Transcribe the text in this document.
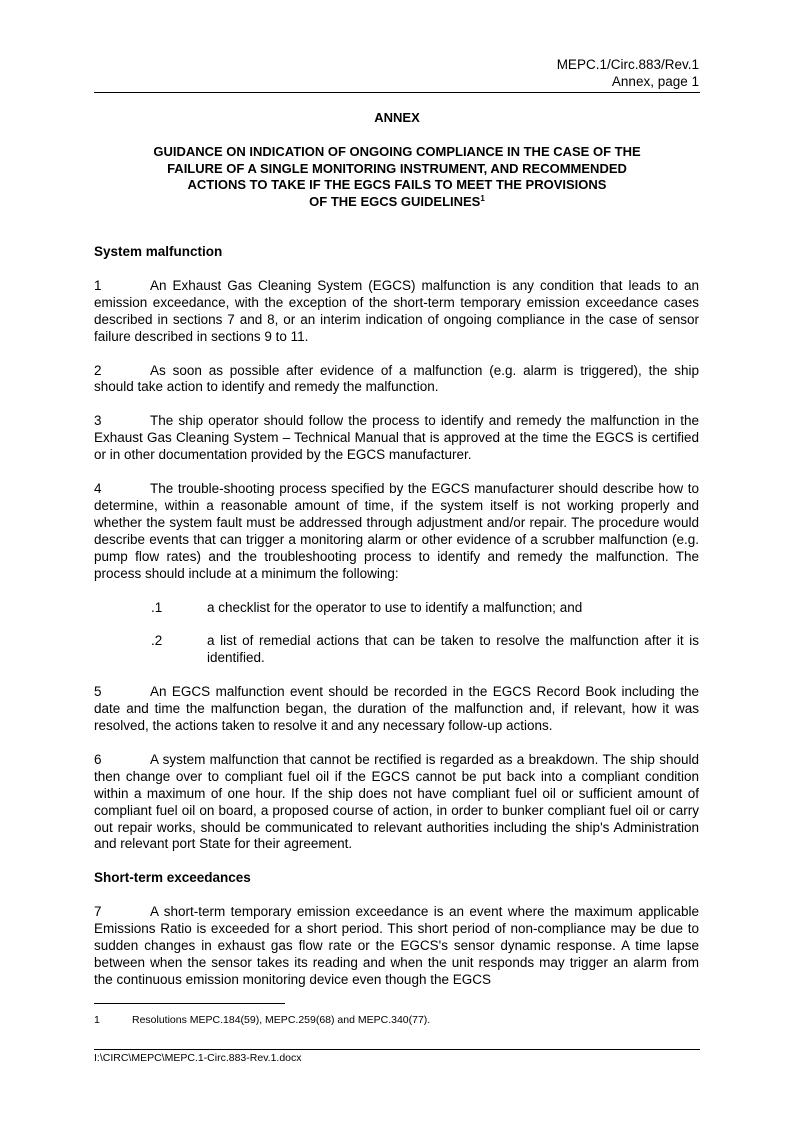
MEPC.1/Circ.883/Rev.1
Annex, page 1
ANNEX
GUIDANCE ON INDICATION OF ONGOING COMPLIANCE IN THE CASE OF THE
FAILURE OF A SINGLE MONITORING INSTRUMENT, AND RECOMMENDED
ACTIONS TO TAKE IF THE EGCS FAILS TO MEET THE PROVISIONS
OF THE EGCS GUIDELINES$^1$

System malfunction

1	An Exhaust Gas Cleaning System (EGCS) malfunction is any condition that leads to an emission exceedance, with the exception of the short-term temporary emission exceedance cases described in sections 7 and 8, or an interim indication of ongoing compliance in the case of sensor failure described in sections 9 to 11.

2	As soon as possible after evidence of a malfunction (e.g. alarm is triggered), the ship should take action to identify and remedy the malfunction.

3	The ship operator should follow the process to identify and remedy the malfunction in the Exhaust Gas Cleaning System – Technical Manual that is approved at the time the EGCS is certified or in other documentation provided by the EGCS manufacturer.

4	The trouble-shooting process specified by the EGCS manufacturer should describe how to determine, within a reasonable amount of time, if the system itself is not working properly and whether the system fault must be addressed through adjustment and/or repair. The procedure would describe events that can trigger a monitoring alarm or other evidence of a scrubber malfunction (e.g. pump flow rates) and the troubleshooting process to identify and remedy the malfunction. The process should include at a minimum the following:

.1	a checklist for the operator to use to identify a malfunction; and

.2	a list of remedial actions that can be taken to resolve the malfunction after it is identified.

5	An EGCS malfunction event should be recorded in the EGCS Record Book including the date and time the malfunction began, the duration of the malfunction and, if relevant, how it was resolved, the actions taken to resolve it and any necessary follow-up actions.

6	A system malfunction that cannot be rectified is regarded as a breakdown. The ship should then change over to compliant fuel oil if the EGCS cannot be put back into a compliant condition within a maximum of one hour. If the ship does not have compliant fuel oil or sufficient amount of compliant fuel oil on board, a proposed course of action, in order to bunker compliant fuel oil or carry out repair works, should be communicated to relevant authorities including the ship's Administration and relevant port State for their agreement.

Short-term exceedances

7	A short-term temporary emission exceedance is an event where the maximum applicable Emissions Ratio is exceeded for a short period. This short period of non-compliance may be due to sudden changes in exhaust gas flow rate or the EGCS's sensor dynamic response. A time lapse between when the sensor takes its reading and when the unit responds may trigger an alarm from the continuous emission monitoring device even though the EGCS

1	Resolutions MEPC.184(59), MEPC.259(68) and MEPC.340(77).
I:\CIRC\MEPC\MEPC.1-Circ.883-Rev.1.docx
